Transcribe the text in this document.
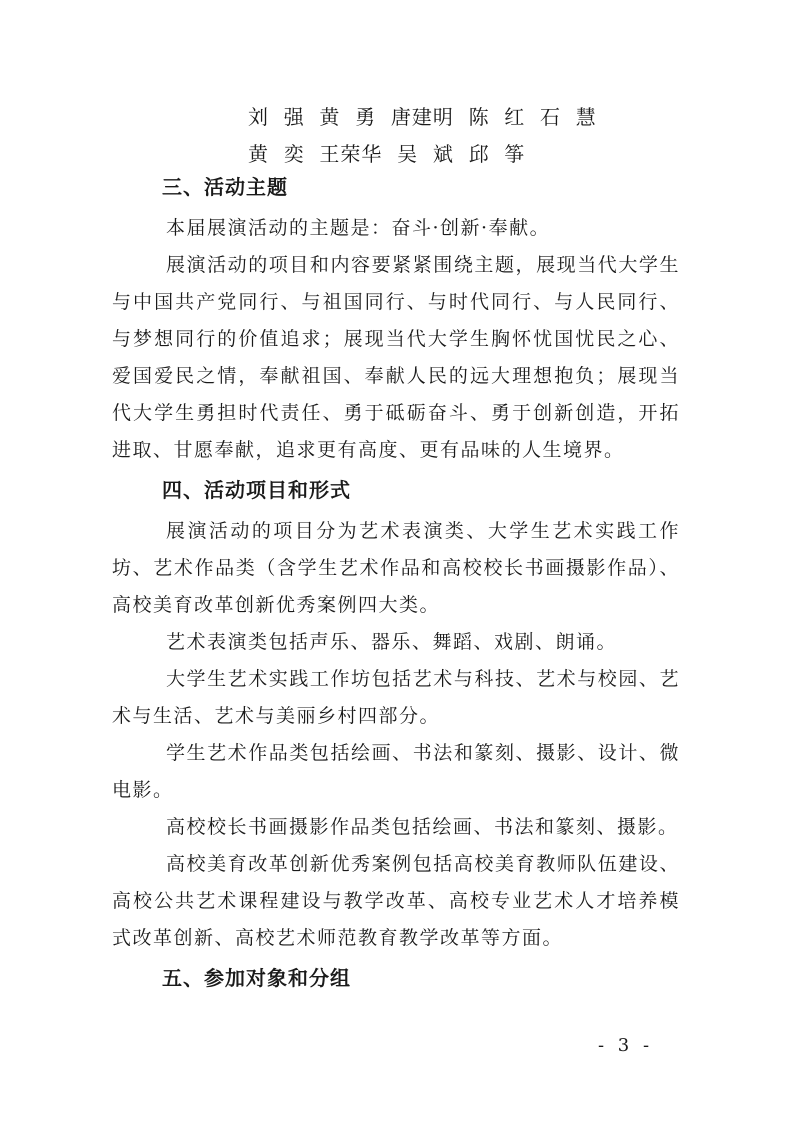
刘  强  黄  勇  唐建明  陈  红  石  慧
黄  奕  王荣华  吴  斌  邱  筝
三、活动主题

本届展演活动的主题是：奋斗·创新·奉献。

展演活动的项目和内容要紧紧围绕主题，展现当代大学生与中国共产党同行、与祖国同行、与时代同行、与人民同行、与梦想同行的价值追求；展现当代大学生胸怀忧国忧民之心、爱国爱民之情，奉献祖国、奉献人民的远大理想抱负；展现当代大学生勇担时代责任、勇于砥砺奋斗、勇于创新创造，开拓进取、甘愿奉献，追求更有高度、更有品味的人生境界。

四、活动项目和形式

展演活动的项目分为艺术表演类、大学生艺术实践工作坊、艺术作品类（含学生艺术作品和高校校长书画摄影作品）、高校美育改革创新优秀案例四大类。

艺术表演类包括声乐、器乐、舞蹈、戏剧、朗诵。

大学生艺术实践工作坊包括艺术与科技、艺术与校园、艺术与生活、艺术与美丽乡村四部分。

学生艺术作品类包括绘画、书法和篆刻、摄影、设计、微电影。

高校校长书画摄影作品类包括绘画、书法和篆刻、摄影。

高校美育改革创新优秀案例包括高校美育教师队伍建设、高校公共艺术课程建设与教学改革、高校专业艺术人才培养模式改革创新、高校艺术师范教育教学改革等方面。

五、参加对象和分组
- 3 -
